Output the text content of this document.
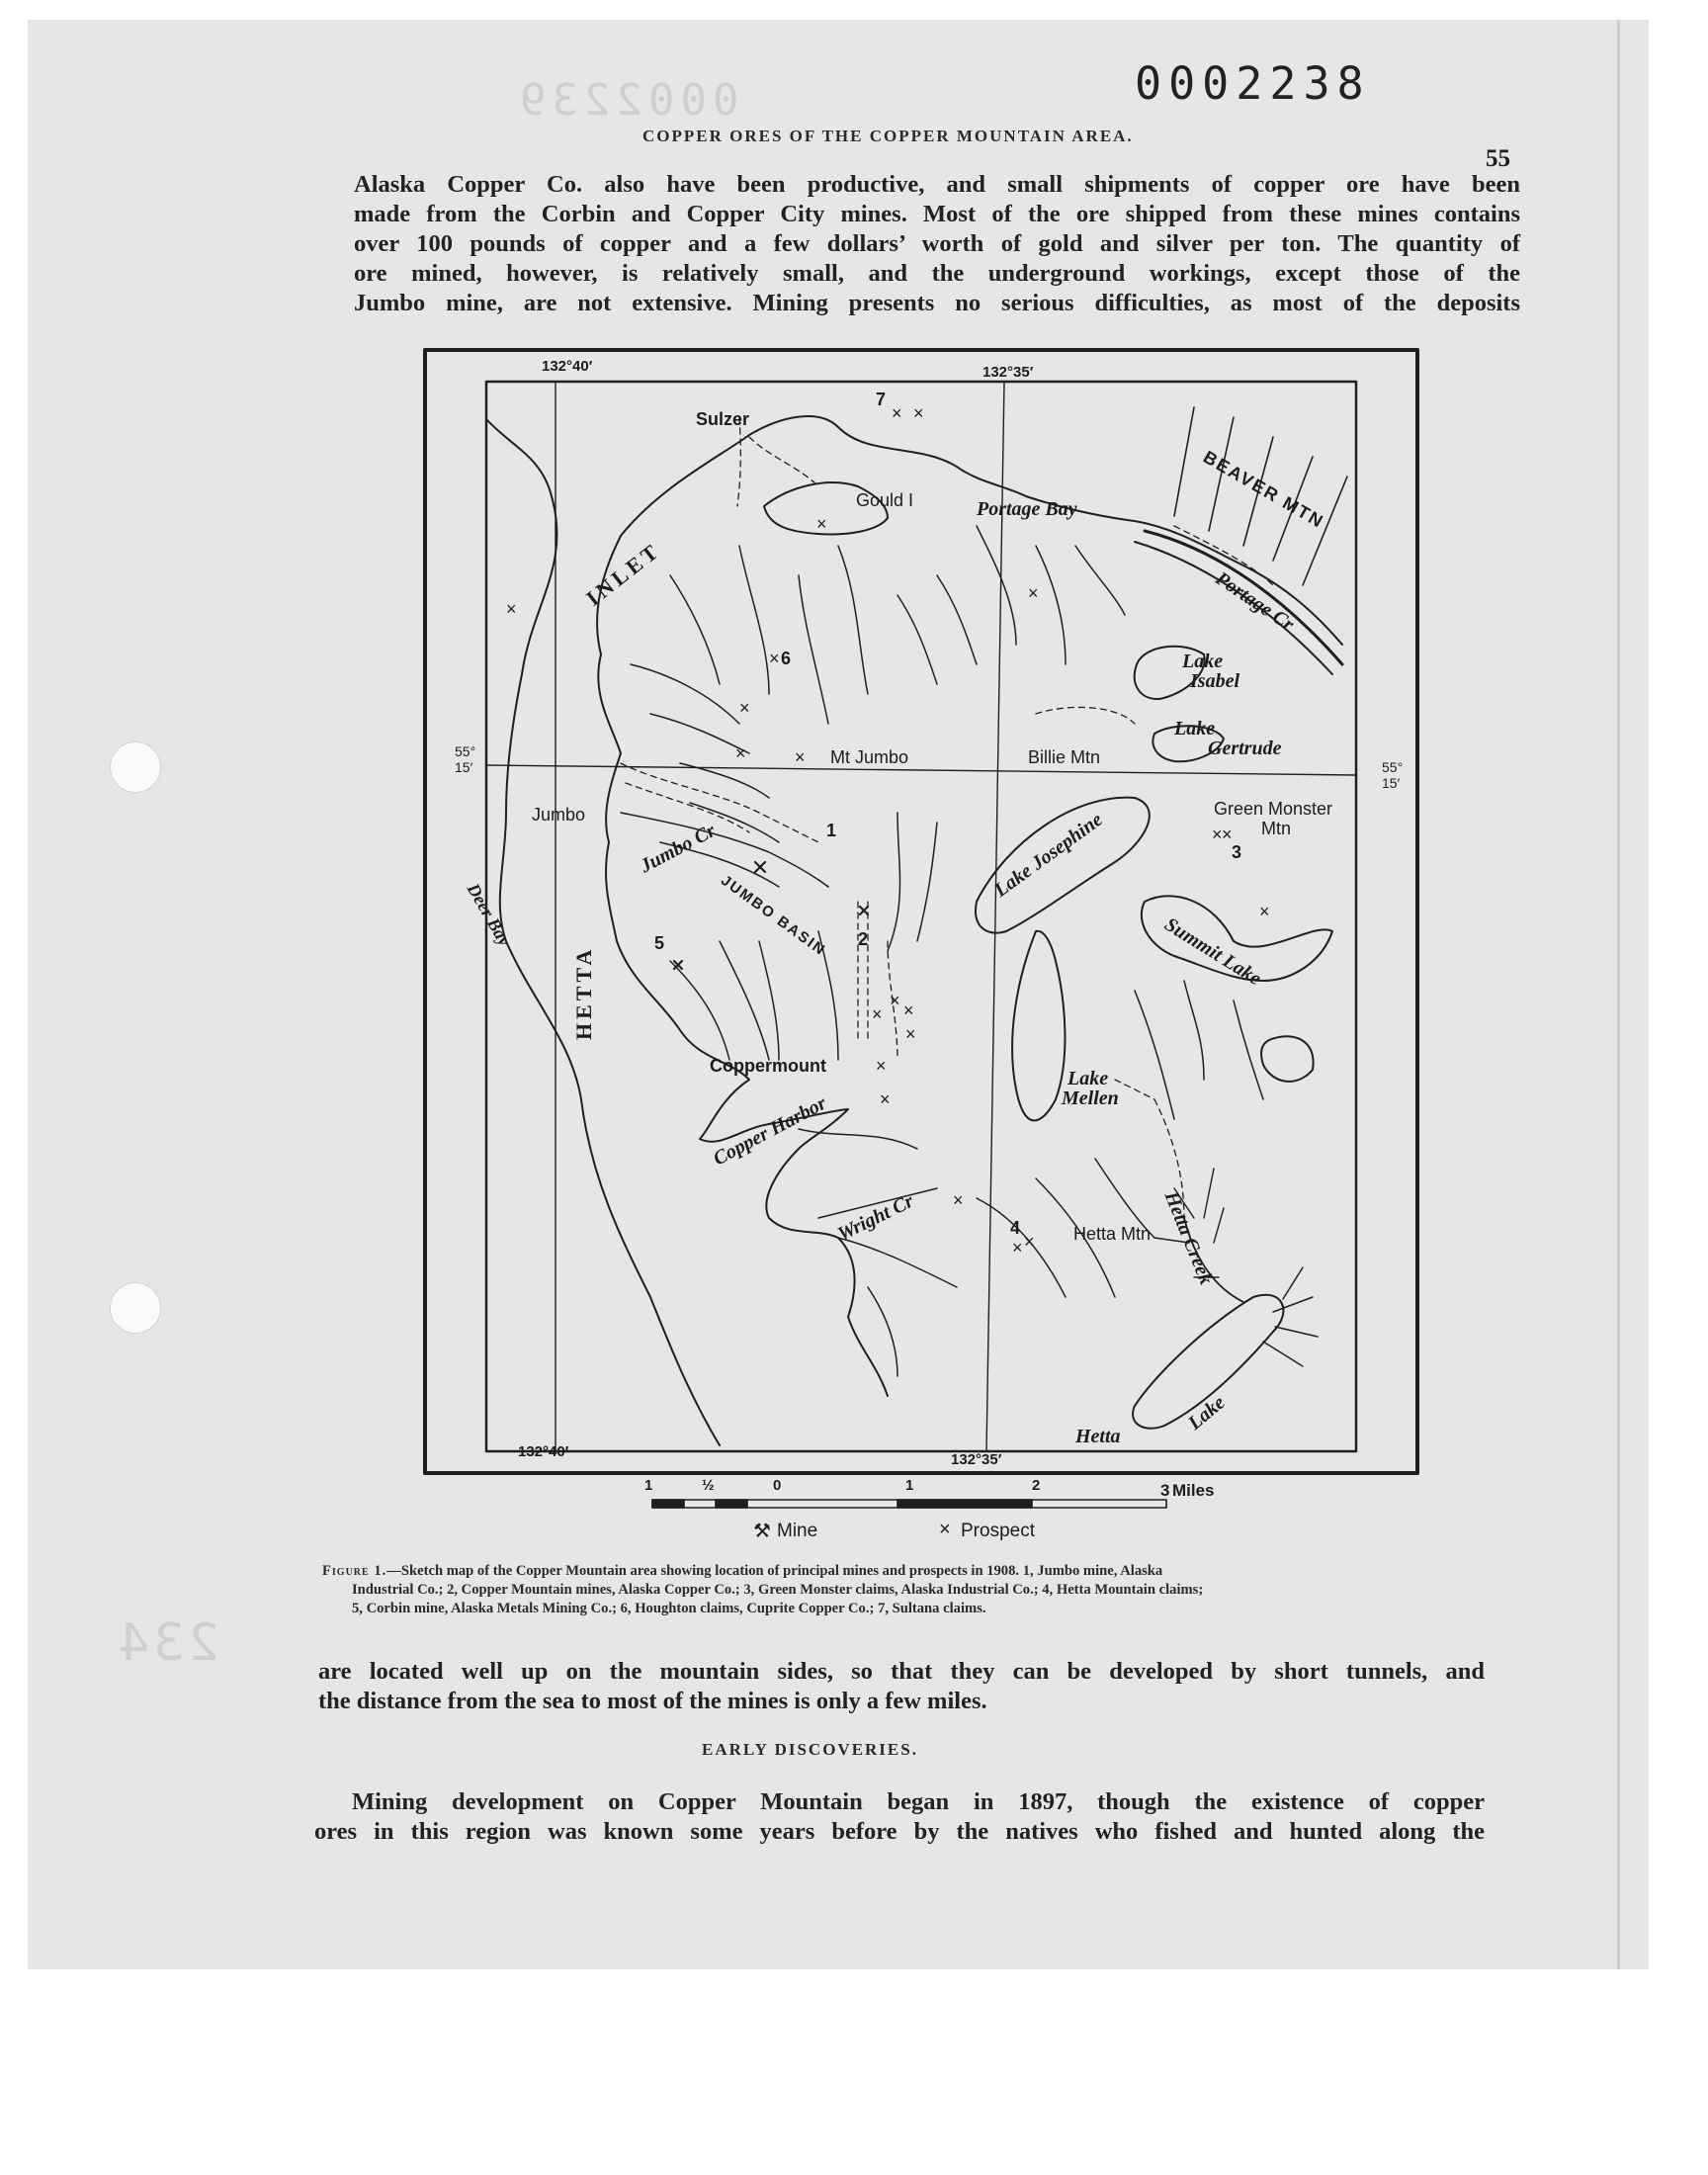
0002239
234
0002238
COPPER ORES OF THE COPPER MOUNTAIN AREA.
55
Alaska Copper Co. also have been productive, and small shipments of copper ore have been
made from the Corbin and Copper City mines. Most of the ore shipped from these mines contains
over 100 pounds of copper and a few dollars’ worth of gold and silver per ton. The quantity of
ore mined, however, is relatively small, and the underground workings, except those of the
Jumbo mine, are not extensive. Mining presents no serious difficulties, as most of the deposits
132°40′	132°35′
132°40′	132°35′
55°
15′	55°
15′
Sulzer
Gould I	Portage Bay	BEAVER MTN
INLET	Portage Cr
Lake
Isabel
Lake
Gertrude
Mt Jumbo	Billie Mtn
Jumbo
Jumbo Cr
JUMBO BASIN
Lake Josephine	Green Monster
Mtn
Deer Bay
HETTA	Summit Lake
Coppermount
Copper Harbor
Lake
Mellen
Wright Cr	Hetta Mtn Hetta Creek
Hetta
Lake
1
2
3
4
5
6
7
× ×
×
×
×
×	×
×
×
× ×
×
× ×
×
×
×
×
×
× ×
1	½	0	1	2	3 Miles
⚒ Mine	× Prospect
Figure 1.—Sketch map of the Copper Mountain area showing location of principal mines and prospects in 1908. 1, Jumbo mine, Alaska
Industrial Co.; 2, Copper Mountain mines, Alaska Copper Co.; 3, Green Monster claims, Alaska Industrial Co.; 4, Hetta Mountain claims;
5, Corbin mine, Alaska Metals Mining Co.; 6, Houghton claims, Cuprite Copper Co.; 7, Sultana claims.
are located well up on the mountain sides, so that they can be developed by short tunnels, and
the distance from the sea to most of the mines is only a few miles.
EARLY DISCOVERIES.
Mining development on Copper Mountain began in 1897, though the existence of copper
ores in this region was known some years before by the natives who fished and hunted along the
